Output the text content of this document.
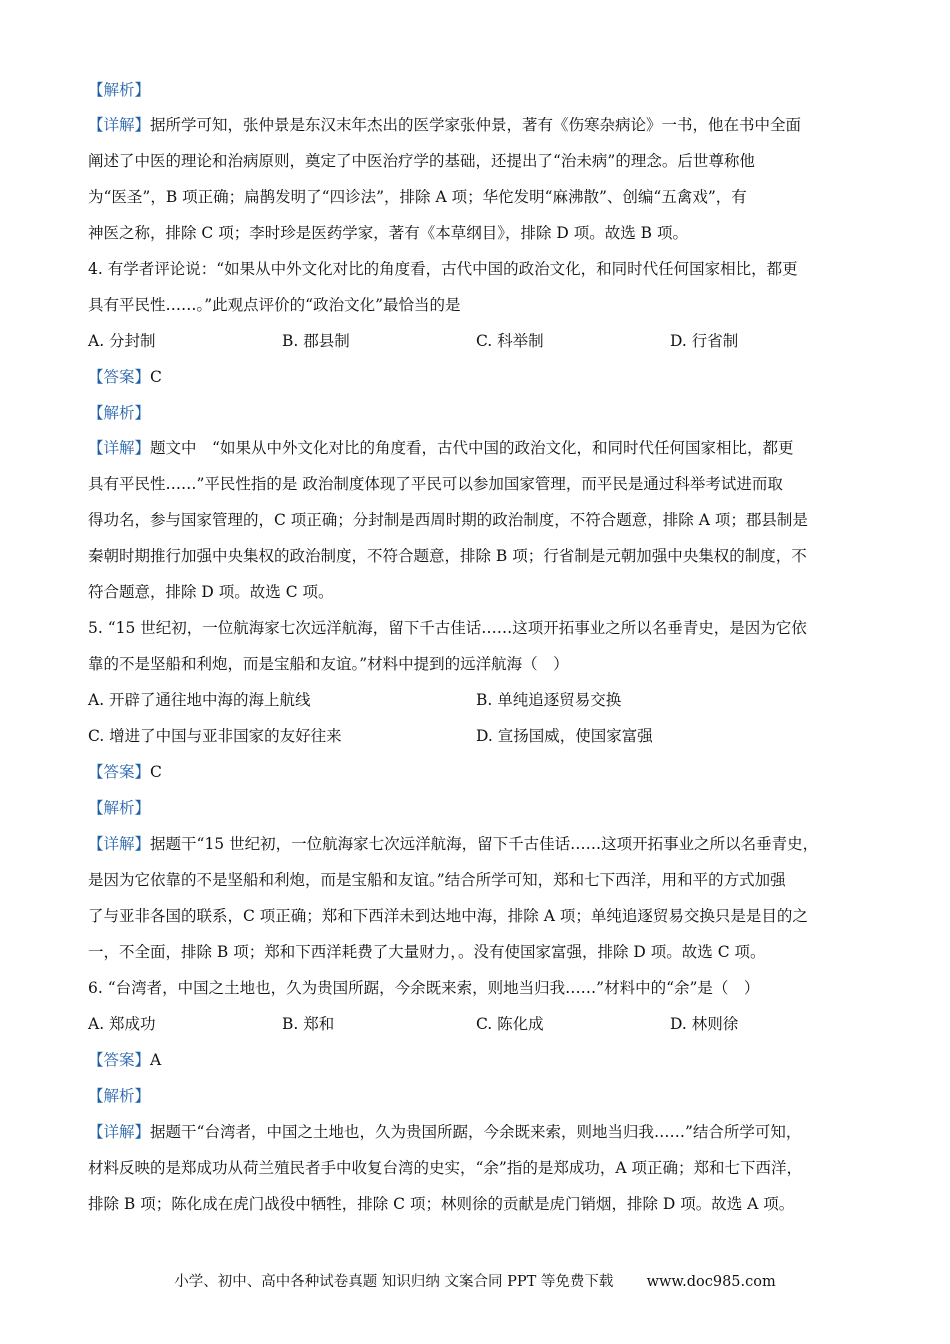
【解析】
【详解】据所学可知，张仲景是东汉末年杰出的医学家张仲景，著有《伤寒杂病论》一书，他在书中全面
阐述了中医的理论和治病原则，奠定了中医治疗学的基础，还提出了“治未病”的理念。后世尊称他
为“医圣”，B 项正确；扁鹊发明了“四诊法”，排除 A 项；华佗发明“麻沸散”、创编“五禽戏”，有
神医之称，排除 C 项；李时珍是医药学家，著有《本草纲目》，排除 D 项。故选 B 项。
4. 有学者评论说：“如果从中外文化对比的角度看，古代中国的政治文化，和同时代任何国家相比，都更
具有平民性……。”此观点评价的“政治文化”最恰当的是
A. 分封制	B. 郡县制	C. 科举制	D. 行省制
【答案】C
【解析】
【详解】题文中　“如果从中外文化对比的角度看，古代中国的政治文化，和同时代任何国家相比，都更
具有平民性……”平民性指的是 政治制度体现了平民可以参加国家管理，而平民是通过科举考试进而取
得功名，参与国家管理的，C 项正确；分封制是西周时期的政治制度，不符合题意，排除 A 项；郡县制是
秦朝时期推行加强中央集权的政治制度，不符合题意，排除 B 项；行省制是元朝加强中央集权的制度，不
符合题意，排除 D 项。故选 C 项。
5. “15 世纪初，一位航海家七次远洋航海，留下千古佳话……这项开拓事业之所以名垂青史，是因为它依
靠的不是坚船和利炮，而是宝船和友谊。”材料中提到的远洋航海（　）
A. 开辟了通往地中海的海上航线	B. 单纯追逐贸易交换
C. 增进了中国与亚非国家的友好往来	D. 宣扬国威，使国家富强
【答案】C
【解析】
【详解】据题干“15 世纪初，一位航海家七次远洋航海，留下千古佳话……这项开拓事业之所以名垂青史，
是因为它依靠的不是坚船和利炮，而是宝船和友谊。”结合所学可知，郑和七下西洋，用和平的方式加强
了与亚非各国的联系，C 项正确；郑和下西洋未到达地中海，排除 A 项；单纯追逐贸易交换只是是目的之
一，不全面，排除 B 项；郑和下西洋耗费了大量财力，。没有使国家富强，排除 D 项。故选 C 项。
6. “台湾者，中国之土地也，久为贵国所踞，今余既来索，则地当归我……”材料中的“余”是（　）
A. 郑成功	B. 郑和	C. 陈化成	D. 林则徐
【答案】A
【解析】
【详解】据题干“台湾者，中国之土地也，久为贵国所踞，今余既来索，则地当归我……”结合所学可知，
材料反映的是郑成功从荷兰殖民者手中收复台湾的史实，“余”指的是郑成功，A 项正确；郑和七下西洋，
排除 B 项；陈化成在虎门战役中牺牲，排除 C 项；林则徐的贡献是虎门销烟，排除 D 项。故选 A 项。
小学、初中、高中各种试卷真题 知识归纳 文案合同 PPT 等免费下载 www.doc985.com
